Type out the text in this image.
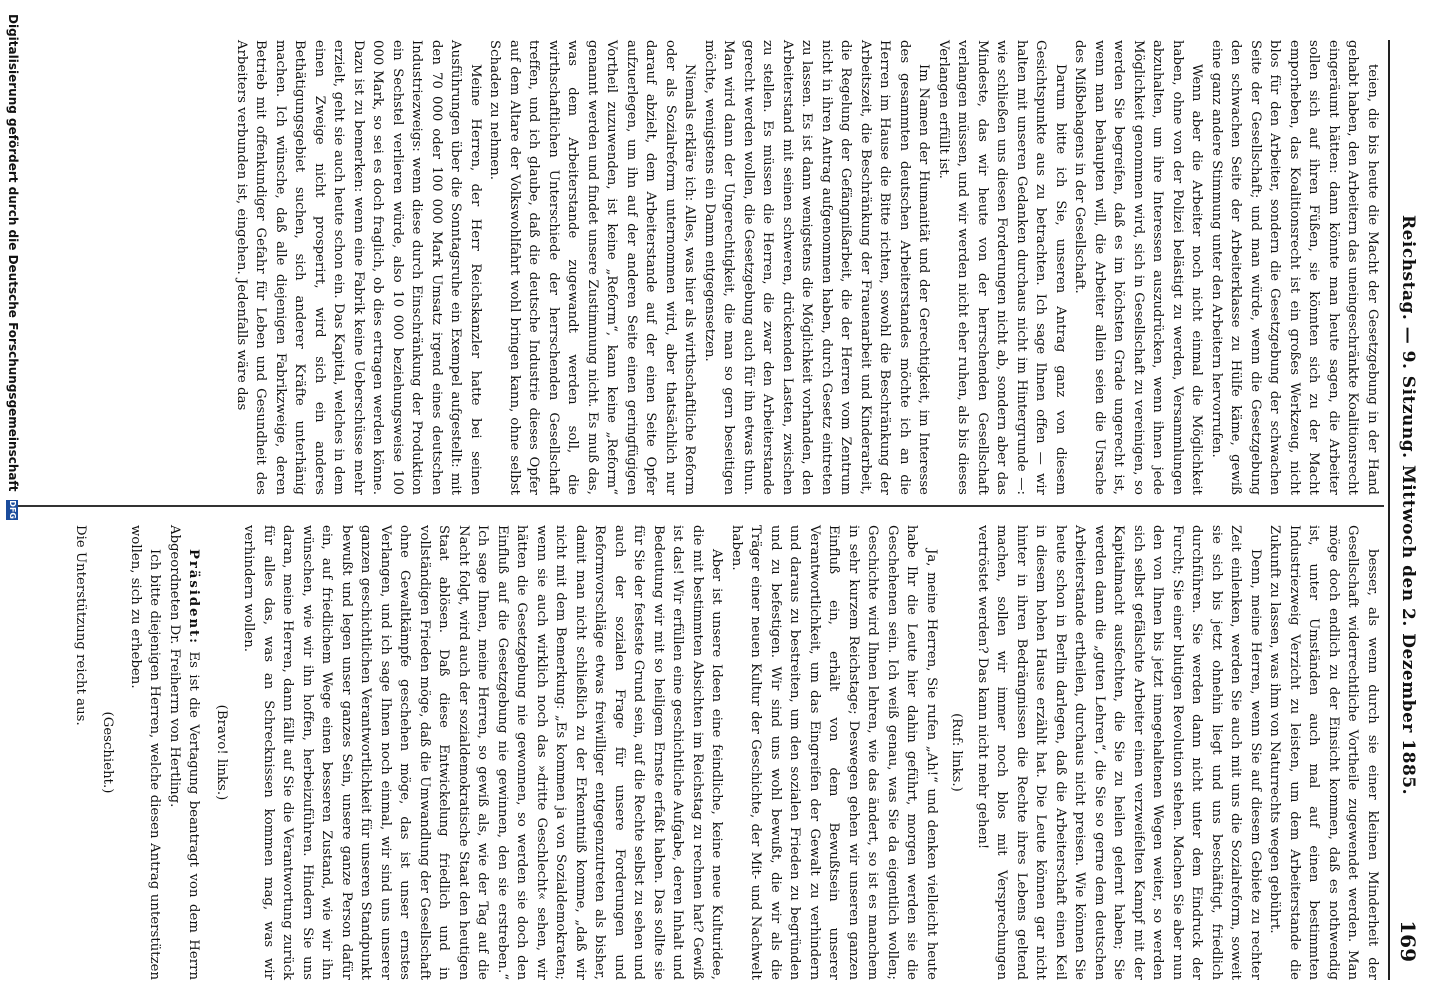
Reichstag. — 9. Sitzung. Mittwoch den 2. Dezember 1885.
169

teien, die bis heute die Macht der Gesetzgebung in der Hand gehabt haben, den Arbeitern das uneingeschränkte Koalitionsrecht eingeräumt hätten: dann könnte man heute sagen, die Arbeiter sollen sich auf ihren Füßen, sie könnten sich zu der Macht emporheben, das Koalitionsrecht ist ein großes Werkzeug, nicht blos für den Arbeiter, sondern die Gesetzgebung der schwachen Seite der Gesellschaft; und man würde, wenn die Gesetzgebung den schwachen Seite der Arbeiterklasse zu Hülfe käme, gewiß eine ganz andere Stimmung unter den Arbeitern hervorrufen.

Wenn aber die Arbeiter noch nicht einmal die Möglichkeit haben, ohne von der Polizei belästigt zu werden, Versammlungen abzuhalten, um ihre Interessen auszudrücken, wenn ihnen jede Möglichkeit genommen wird, sich in Gesellschaft zu vereinigen, so werden Sie begreifen, daß es im höchsten Grade ungerecht ist, wenn man behaupten will, die Arbeiter allein seien die Ursache des Mißbehagens in der Gesellschaft.

Darum bitte ich Sie, unseren Antrag ganz von diesem Gesichtspunkte aus zu betrachten. Ich sage Ihnen offen — wir halten mit unseren Gedanken durchaus nicht im Hintergrunde —: wie schließen uns diesen Forderungen nicht ab, sondern aber das Mindeste, das wir heute von der herrschenden Gesellschaft verlangen müssen, und wir werden nicht eher ruhen, als bis dieses Verlangen erfüllt ist.

Im Namen der Humanität und der Gerechtigkeit, im Interesse des gesammten deutschen Arbeiterstandes möchte ich an die Herren im Hause die Bitte richten, sowohl die Beschränkung der Arbeitszeit, die Beschränkung der Frauenarbeit und Kinderarbeit, die Regelung der Gefängnißarbeit, die der Herren vom Zentrum nicht in ihren Antrag aufgenommen haben, durch Gesetz eintreten zu lassen. Es ist dann wenigstens die Möglichkeit vorhanden, den Arbeiterstand mit seinen schweren, drückenden Lasten, zwischen zu stellen. Es müssen die Herren, die zwar den Arbeiterstande gerecht werden wollen, die Gesetzgebung auch für ihn etwas thun. Man wird dann der Ungerechtigkeit, die man so gern beseitigen möchte, wenigstens ein Damm entgegensetzen.

Niemals erkläre ich: Alles, was hier als wirthschaftliche Reform oder als Sozialreform unternommen wird, aber thatsächlich nur darauf abzielt, dem Arbeiterstande auf der einen Seite Opfer aufzuerlegen, um ihn auf der anderen Seite einen geringfügigen Vortheil zuzuwenden, ist keine „Reform“, kann keine „Reform“ genannt werden und findet unsere Zustimmung nicht. Es muß das, was dem Arbeiterstande zugewandt werden soll, die wirthschaftlichen Unterschiede der herrschenden Gesellschaft treffen, und ich glaube, daß die deutsche Industrie dieses Opfer auf dem Altare der Volkswohlfahrt wohl bringen kann, ohne selbst Schaden zu nehmen.

Meine Herren, der Herr Reichskanzler hatte bei seinen Ausführungen über die Sonntagsruhe ein Exempel aufgestellt: mit den 70 000 oder 100 000 Mark Umsatz irgend eines deutschen Industriezweigs: wenn diese durch Einschränkung der Produktion ein Sechstel verlieren würde, also 10 000 beziehungsweise 100 000 Mark, so sei es doch fraglich, ob dies ertragen werden könne. Dazu ist zu bemerken: wenn eine Fabrik keine Ueberschüsse mehr erzielt, geht sie auch heute schon ein. Das Kapital, welches in dem einen Zweige nicht prosperirt, wird sich ein anderes Bethätigungsgebiet suchen, sich anderer Kräfte unterhänig machen. Ich wünsche, daß alle diejenigen Fabrikzweige, deren Betrieb mit offenkundiger Gefahr für Leben und Gesundheit des Arbeiters verbunden ist, eingehen. Jedenfalls wäre das

besser, als wenn durch sie einer kleinen Minderheit der Gesellschaft widerrechtliche Vortheile zugewendet werden. Man möge doch endlich zu der Einsicht kommen, daß es nothwendig ist, unter Umständen auch mal auf einen bestimmten Industriezweig Verzicht zu leisten, um dem Arbeiterstande die Zukunft zu lassen, was ihm von Naturrechts wegen gebührt.

Denn, meine Herren, wenn Sie auf diesem Gebiete zu rechter Zeit einlenken, werden Sie auch mit uns die Sozialreform, soweit sie sich bis jetzt ohnehin liegt und uns beschäftigt, friedlich durchführen. Sie werden dann nicht unter dem Eindruck der Furcht; Sie einer blutigen Revolution stehen. Machen Sie aber nun den von Ihnen bis jetzt innegehaltenen Wegen weiter, so werden sich selbst gefälschte Arbeiter einen verzweifelten Kampf mit der Kapitalmacht ausfechten, die Sie zu heilen gelernt haben; Sie werden dann die „guten Lehren“, die Sie so gerne dem deutschen Arbeiterstande ertheilen, durchaus nicht preisen. Wie können Sie heute schon in Berlin darlegen, daß die Arbeiterschaft einen Keil in diesem hohen Hause erzählt hat. Die Leute können gar nicht hinter in ihren Bedrängnissen die Rechte ihres Lebens geltend machen, sollen wir immer noch blos mit Versprechungen vertröstet werden? Das kann nicht mehr gehen!

(Ruf: links.)

Ja, meine Herren, Sie rufen „Ah!“ und denken vielleicht heute habe Ihr die Leute hier dahin geführt, morgen werden sie die Geschehenen sein. Ich weiß genau, was Sie da eigentlich wollen; Geschichte wird Ihnen lehren, wie das ändert, so ist es manchem in sehr kurzem Reichstage; Deswegen gehen wir unseren ganzen Einfluß ein, erhält von dem Bewußtsein unserer Verantwortlichkeit, um das Eingreifen der Gewalt zu verhindern und daraus zu bestreiten, um den sozialen Frieden zu begründen und zu befestigen. Wir sind uns wohl bewußt, die wir als die Träger einer neuen Kultur der Geschichte, der Mit- und Nachwelt haben.

Aber ist unsere Ideen eine feindliche, keine neue Kulturidee, die mit bestimmten Absichten im Reichstag zu rechnen hat? Gewiß ist das! Wir erfüllen eine geschichtliche Aufgabe, deren Inhalt und Bedeutung wir mit so heiligem Ernste erfaßt haben. Das sollte sie für Sie der festeste Grund sein, auf die Rechte selbst zu sehen und auch der sozialen Frage für unsere Forderungen und Reformvorschläge etwas freiwilliger entgegenzutreten als bisher, damit man nicht schließlich zu der Erkenntniß komme, „daß wir nicht mit dem Bemerkung: „Es kommen ja von Sozialdemokraten; wenn sie auch wirklich noch das »dritte Geschlecht« sehen, wir hätten die Gesetzgebung nie gewonnen, so werden sie doch den Einfluß auf die Gesetzgebung nie gewinnen, den sie erstreben.“ Ich sage Ihnen, meine Herren, so gewiß als, wie der Tag auf die Nacht folgt, wird auch der sozialdemokratische Staat den heutigen Staat ablösen. Daß diese Entwickelung friedlich und in vollständigen Frieden möge, daß die Umwandlung der Gesellschaft ohne Gewaltkämpfe geschehen möge, das ist unser ernstes Verlangen, und ich sage Ihnen noch einmal, wir sind uns unserer ganzen geschichtlichen Verantwortlichkeit für unseren Standpunkt bewußt und legen unser ganzes Sein, unsere ganze Person dafür ein, auf friedlichem Wege einen besseren Zustand, wie wir ihn wünschen, wie wir ihn hoffen, herbeizuführen. Hindern Sie uns daran, meine Herren, dann fällt auf Sie die Verantwortung zurück für alles das, was an Schrecknissen kommen mag, was wir verhindern wollen.

(Bravo! links.)

Präsident: Es ist die Vertagung beantragt von dem Herrn Abgeordneten Dr. Freiherrn von Hertling.

Ich bitte diejenigen Herren, welche diesen Antrag unterstützen wollen, sich zu erheben.

(Geschieht.)

Die Unterstützung reicht aus.

Digitalisierung gefördert durch die Deutsche Forschungsgemeinschaft DFG
